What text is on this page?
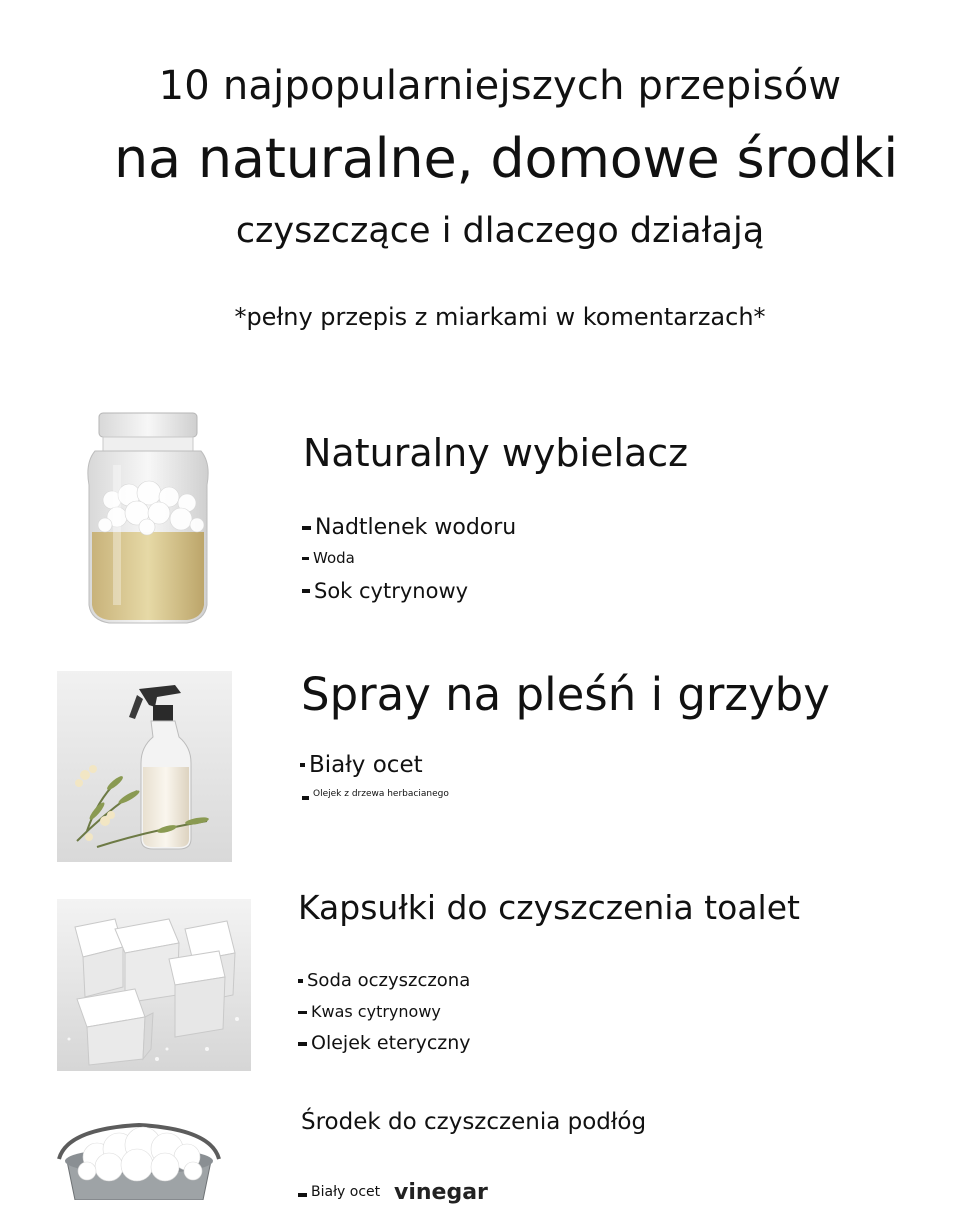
10 najpopularniejszych przepisów
na naturalne, domowe środki
czyszczące i dlaczego działają
*pełny przepis z miarkami w komentarzach*
Naturalny wybielacz
Nadtlenek wodoru
Woda
Sok cytrynowy
Spray na pleśń i grzyby
Biały ocet
Olejek z drzewa herbacianego
Kapsułki do czyszczenia toalet
Soda oczyszczona
Kwas cytrynowy
Olejek eteryczny
Środek do czyszczenia podłóg
Biały ocet vinegar
